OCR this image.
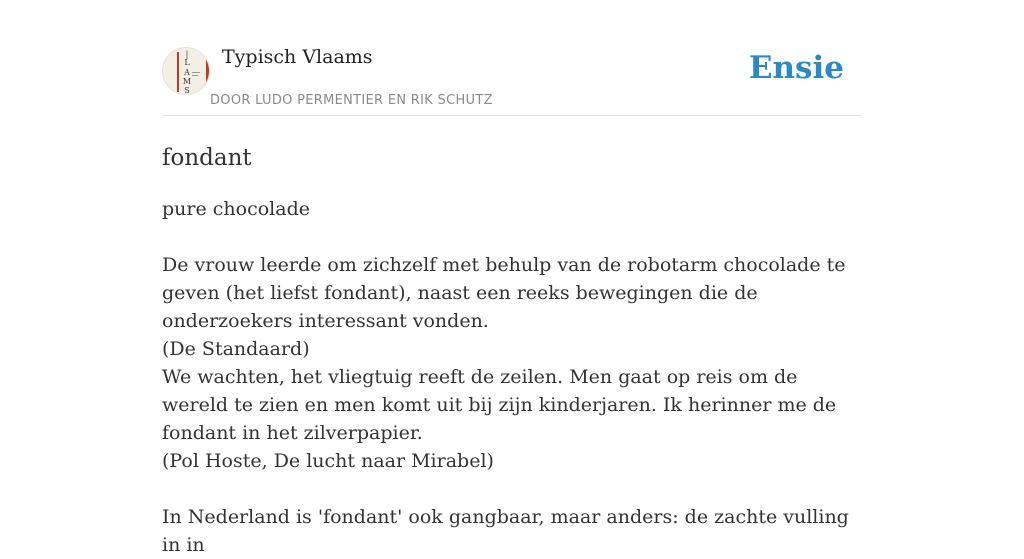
|
L
A
M
S
Typisch Vlaams
DOOR LUDO PERMENTIER EN RIK SCHUTZ
Ensie
fondant
pure chocolade
De vrouw leerde om zichzelf met behulp van de robotarm chocolade te geven (het liefst fondant), naast een reeks bewegingen die de onderzoekers interessant vonden.
(De Standaard)
We wachten, het vliegtuig reeft de zeilen. Men gaat op reis om de wereld te zien en men komt uit bij zijn kinderjaren. Ik herinner me de fondant in het zilverpapier.
(Pol Hoste, De lucht naar Mirabel)
In Nederland is 'fondant' ook gangbaar, maar anders: de zachte vulling in in
